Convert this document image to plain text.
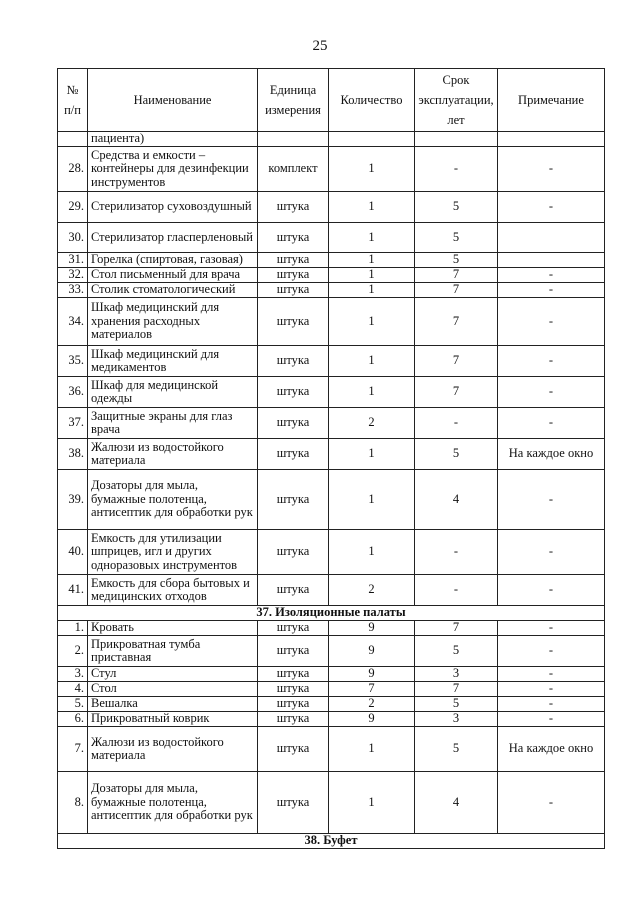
25
№ п/п	Наименование	Единица измерения	Количество	Срок эксплуатации, лет	Примечание
	пациента)				
28.	Средства и емкости – контейнеры для дезинфекции инструментов	комплект	1	-	-
29.	Стерилизатор суховоздушный	штука	1	5	-
30.	Стерилизатор гласперленовый	штука	1	5	
31.	Горелка (спиртовая, газовая)	штука	1	5	
32.	Стол письменный для врача	штука	1	7	-
33.	Столик стоматологический	штука	1	7	-
34.	Шкаф медицинский для хранения расходных материалов	штука	1	7	-
35.	Шкаф медицинский для медикаментов	штука	1	7	-
36.	Шкаф для медицинской одежды	штука	1	7	-
37.	Защитные экраны для глаз врача	штука	2	-	-
38.	Жалюзи из водостойкого материала	штука	1	5	На каждое окно
39.	Дозаторы для мыла, бумажные полотенца, антисептик для обработки рук	штука	1	4	-
40.	Емкость для утилизации шприцев, игл и других одноразовых инструментов	штука	1	-	-
41.	Емкость для сбора бытовых и медицинских отходов	штука	2	-	-
37. Изоляционные палаты					
1.	Кровать	штука	9	7	-
2.	Прикроватная тумба приставная	штука	9	5	-
3.	Стул	штука	9	3	-
4.	Стол	штука	7	7	-
5.	Вешалка	штука	2	5	-
6.	Прикроватный коврик	штука	9	3	-
7.	Жалюзи из водостойкого материала	штука	1	5	На каждое окно
8.	Дозаторы для мыла, бумажные полотенца, антисептик для обработки рук	штука	1	4	-
38. Буфет					
